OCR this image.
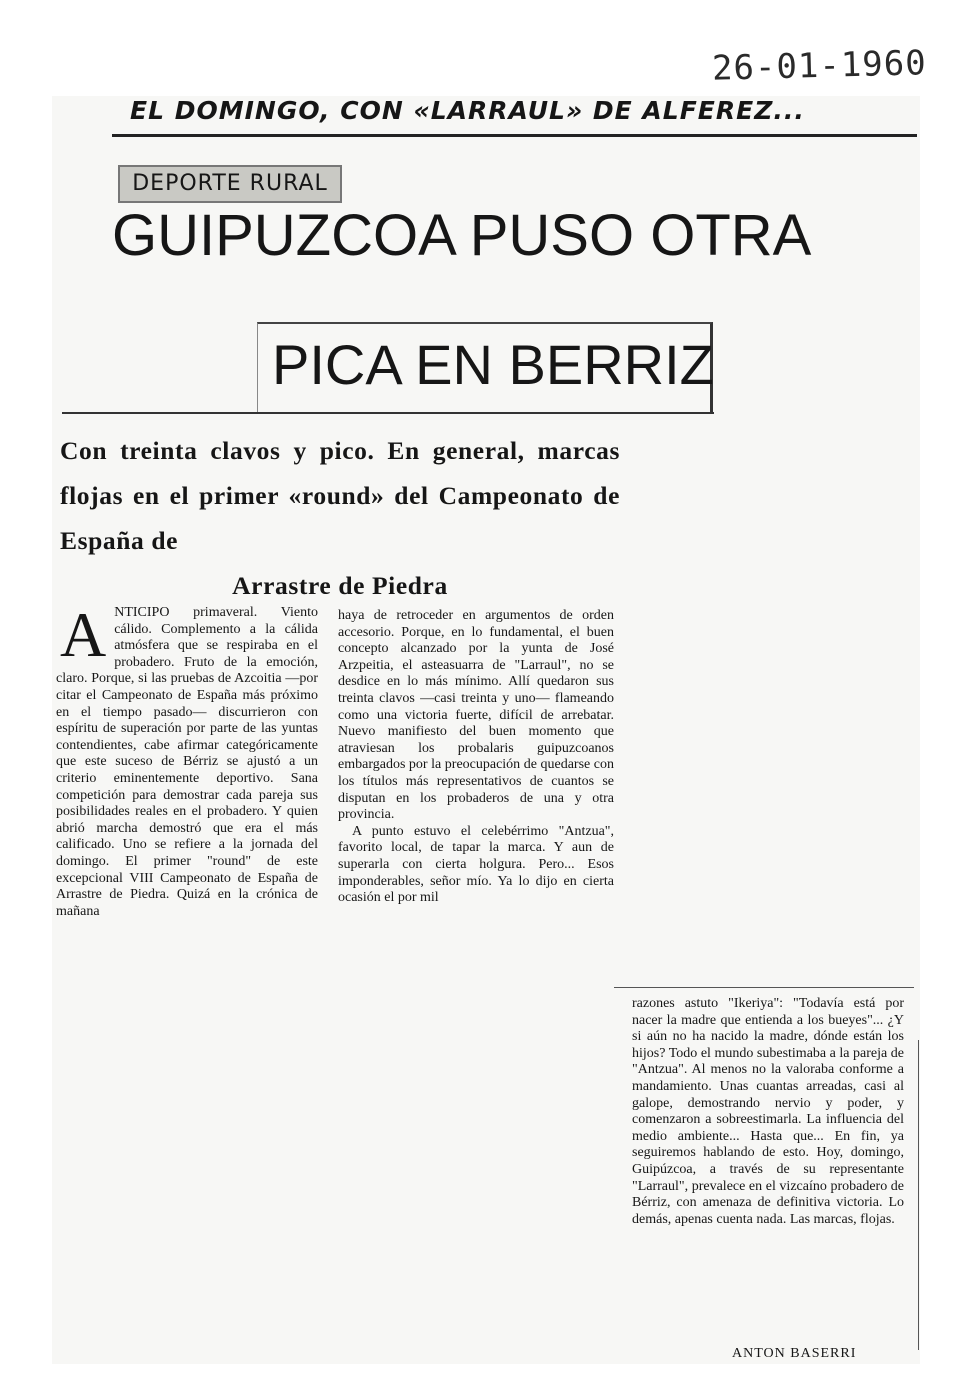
26-01-1960
EL DOMINGO, CON «LARRAUL» DE ALFEREZ...
DEPORTE RURAL
GUIPUZCOA PUSO OTRA
PICA EN BERRIZ
Con treinta clavos y pico. En general, marcas flojas en el primer «round» del Campeonato de España de
Arrastre de Piedra
A NTICIPO primaveral. Viento cálido. Complemento a la cálida atmósfera que se respiraba en el probadero. Fruto de la emoción, claro. Porque, si las pruebas de Azcoitia —por citar el Campeonato de España más próximo en el tiempo pasado— discurrieron con espíritu de superación por parte de las yuntas contendientes, cabe afirmar categóricamente que este suceso de Bérriz se ajustó a un criterio eminentemente deportivo. Sana competición para demostrar cada pareja sus posibilidades reales en el probadero. Y quien abrió marcha demostró que era el más calificado. Uno se refiere a la jornada del domingo. El primer "round" de este excepcional VIII Campeonato de España de Arrastre de Piedra. Quizá en la crónica de mañana

haya de retroceder en argumentos de orden accesorio. Porque, en lo fundamental, el buen concepto alcanzado por la yunta de José Arzpeitia, el asteasuarra de "Larraul", no se desdice en lo más mínimo. Allí quedaron sus treinta clavos —casi treinta y uno— flameando como una victoria fuerte, difícil de arrebatar. Nuevo manifiesto del buen momento que atraviesan los probalaris guipuzcoanos embargados por la preocupación de quedarse con los títulos más representativos de cuantos se disputan en los probaderos de una y otra provincia.

A punto estuvo el celebérrimo "Antzua", favorito local, de tapar la marca. Y aun de superarla con cierta holgura. Pero... Esos imponderables, señor mío. Ya lo dijo en cierta ocasión el por mil

razones astuto "Ikeriya": "Todavía está por nacer la madre que entienda a los bueyes"... ¿Y si aún no ha nacido la madre, dónde están los hijos? Todo el mundo subestimaba a la pareja de "Antzua". Al menos no la valoraba conforme a mandamiento. Unas cuantas arreadas, casi al galope, demostrando nervio y poder, y comenzaron a sobreestimarla. La influencia del medio ambiente... Hasta que... En fin, ya seguiremos hablando de esto. Hoy, domingo, Guipúzcoa, a través de su representante "Larraul", prevalece en el vizcaíno probadero de Bérriz, con amenaza de definitiva victoria. Lo demás, apenas cuenta nada. Las marcas, flojas.

ANTON BASERRI
